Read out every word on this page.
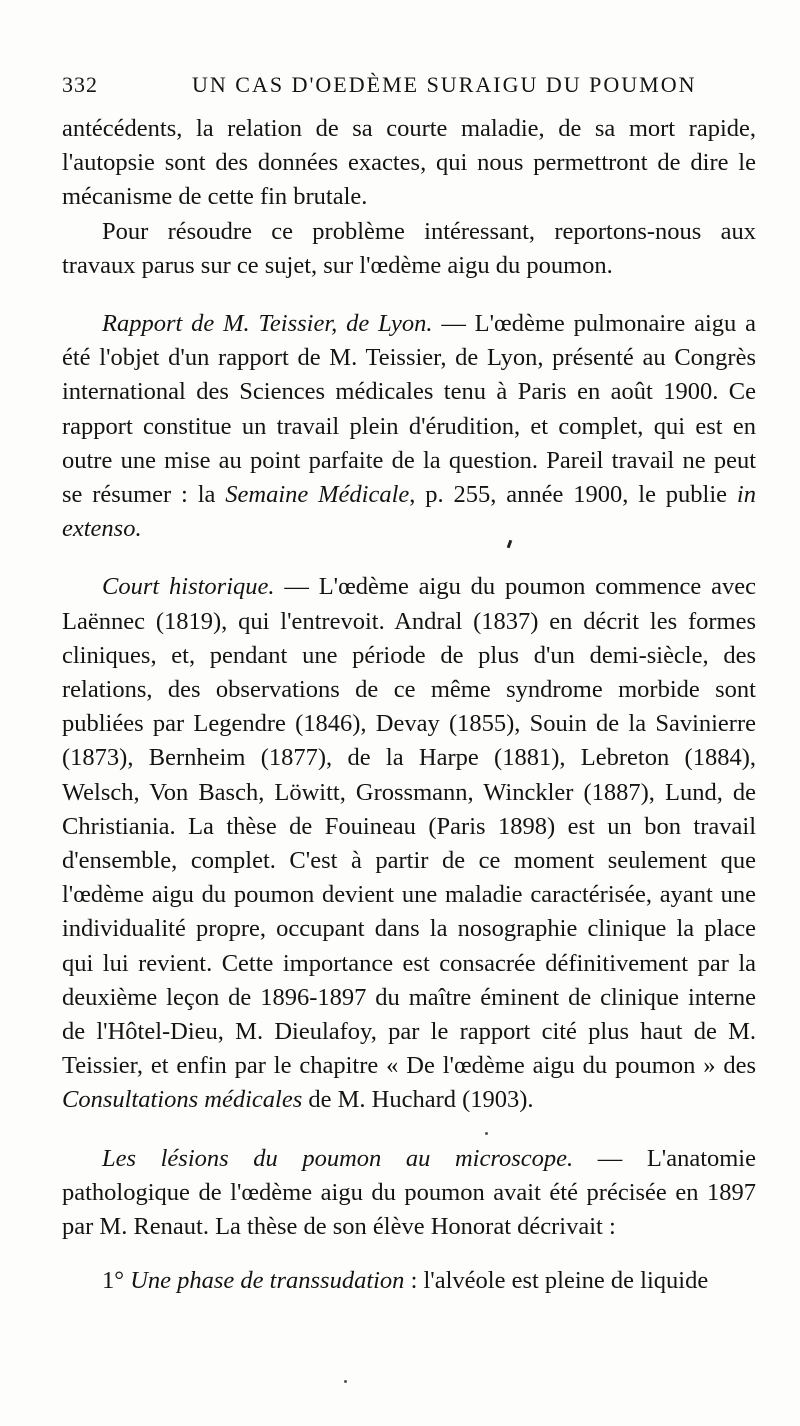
332	UN CAS D'OEDÈME SURAIGU DU POUMON

antécédents, la relation de sa courte maladie, de sa mort rapide, l'autopsie sont des données exactes, qui nous permettront de dire le mécanisme de cette fin brutale.

Pour résoudre ce problème intéressant, reportons-nous aux travaux parus sur ce sujet, sur l'œdème aigu du poumon.

Rapport de M. Teissier, de Lyon. — L'œdème pulmonaire aigu a été l'objet d'un rapport de M. Teissier, de Lyon, présenté au Congrès international des Sciences médicales tenu à Paris en août 1900. Ce rapport constitue un travail plein d'érudition, et complet, qui est en outre une mise au point parfaite de la question. Pareil travail ne peut se résumer : la Semaine Médicale, p. 255, année 1900, le publie in extenso.

Court historique. — L'œdème aigu du poumon commence avec Laënnec (1819), qui l'entrevoit. Andral (1837) en décrit les formes cliniques, et, pendant une période de plus d'un demi-siècle, des relations, des observations de ce même syndrome morbide sont publiées par Legendre (1846), Devay (1855), Souin de la Savinierre (1873), Bernheim (1877), de la Harpe (1881), Lebreton (1884), Welsch, Von Basch, Löwitt, Grossmann, Winckler (1887), Lund, de Christiania. La thèse de Fouineau (Paris 1898) est un bon travail d'ensemble, complet. C'est à partir de ce moment seulement que l'œdème aigu du poumon devient une maladie caractérisée, ayant une individualité propre, occupant dans la nosographie clinique la place qui lui revient. Cette importance est consacrée définitivement par la deuxième leçon de 1896-1897 du maître éminent de clinique interne de l'Hôtel-Dieu, M. Dieulafoy, par le rapport cité plus haut de M. Teissier, et enfin par le chapitre « De l'œdème aigu du poumon » des Consultations médicales de M. Huchard (1903).

Les lésions du poumon au microscope. — L'anatomie pathologique de l'œdème aigu du poumon avait été précisée en 1897 par M. Renaut. La thèse de son élève Honorat décrivait :

1° Une phase de transsudation : l'alvéole est pleine de liquide
